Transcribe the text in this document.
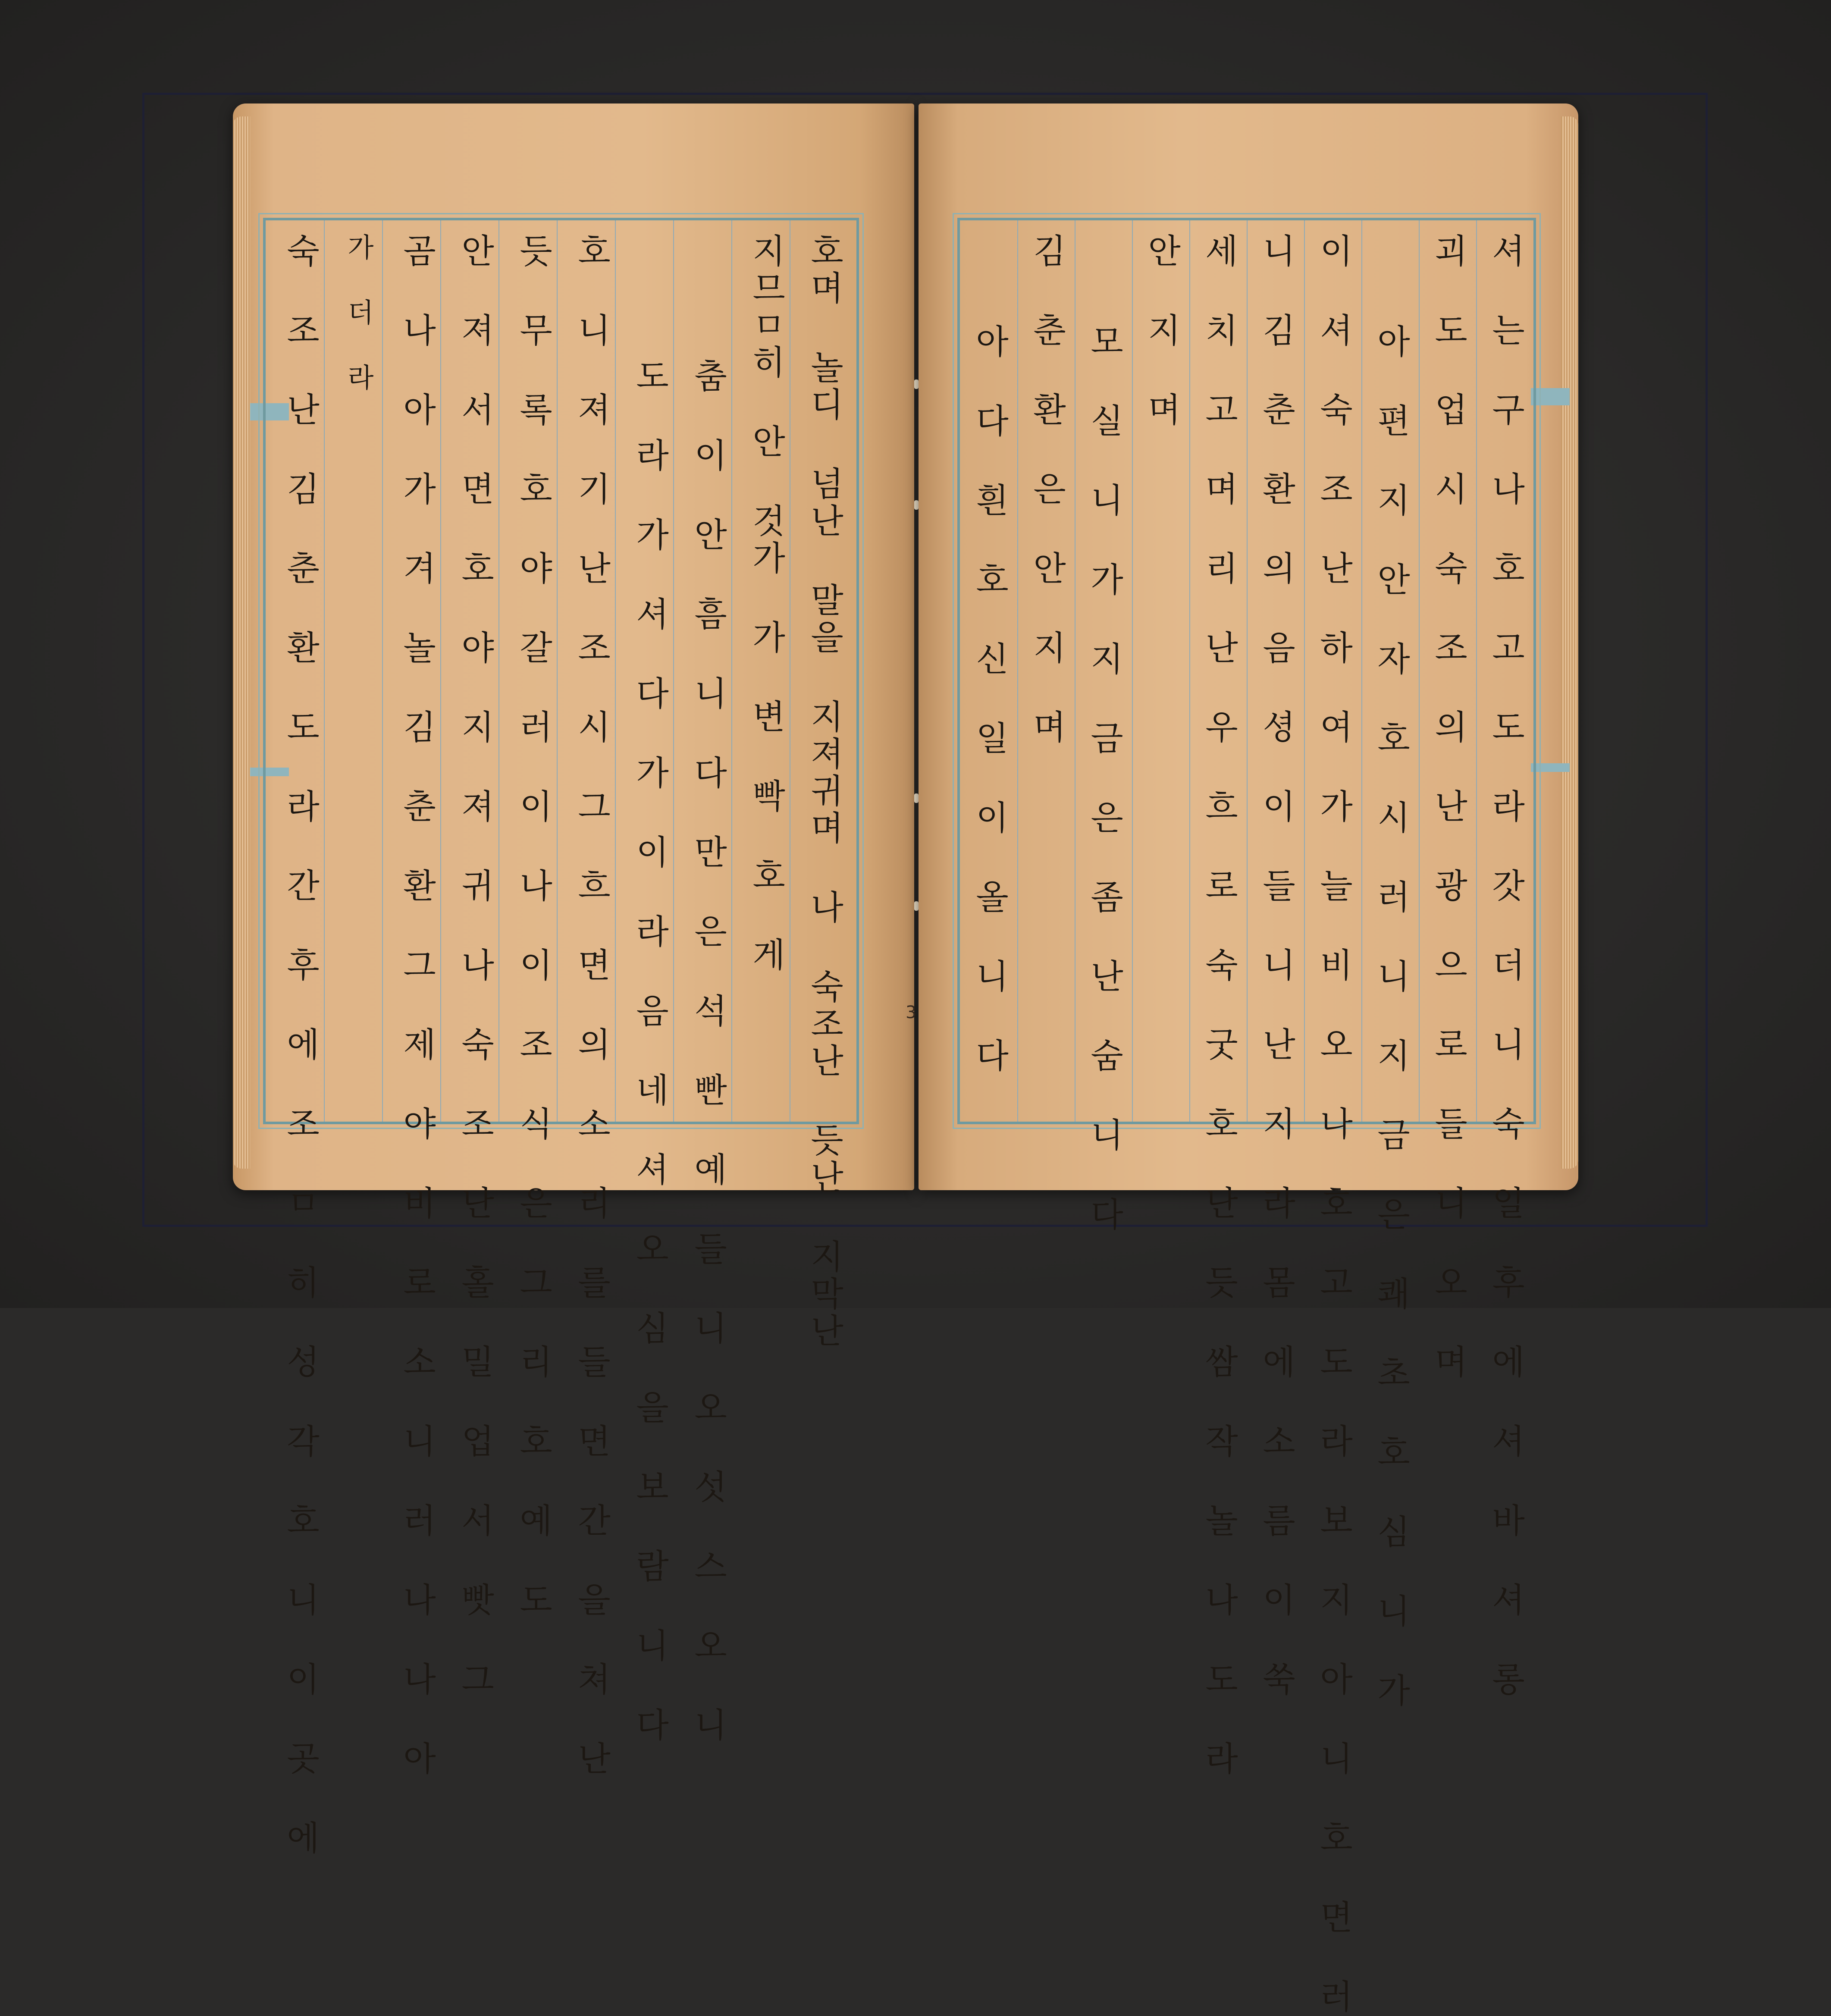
호며 놀디 넘난 말을 지져귀며 나 숙조난 듯난 지막난
지므ㅁ히 안 것가 가 변 빡 호 게
춤 이 안 흠 니 다 만 은 석 빤 예 들 니 오 섯 스 오 니
도 라 가 셔 다 가 이 라 음 네 셔 오 심 을 보 람 니 다
호 니 져 기 난 조 시 그 흐 면 의 소 리 를 들 면 간 을 쳐 난
듯 무 록 호 야 갈 러 이 나 이 조 식 은 그 리 호 예 도
안 져 서 면 호 야 지 져 귀 나 숙 조 난 홀 밀 업 서 빳 그
곰 나 아 가 겨 놀 김 춘 환 그 제 야 비 로 소 니 러 나 나 아
가 더 라
숙 조 난 김 춘 환 도 라 간 후 에 조 ㅁ 히 성 각 호 니 이 곳 에	3	셔 는 구 나 호 고 도 라 갓 더 니 숙 일 후 에 셔 바 셔 롱
괴 도 업 시 숙 조 의 난 광 으 로 들 니 오 며
아 편 지 안 자 호 시 러 니 지 금 은 쾌 초 호 심 니 가
이 셔 숙 조 난 하 여 가 늘 비 오 나 호 고 도 라 보 지 아 니 호 면 러
니 김 춘 환 의 음 셩 이 들 니 난 지 라 몸 에 소 름 이 쑥
세 치 고 며 리 난 우 흐 로 숙 굿 호 난 듯 쌈 작 놀 나 도 라
안 지 며
모 실 니 가 지 금 은 좀 난 숨 니 다
김 춘 환 은 안 지 며
아 다 흰 호 신 일 이 올 니 다
